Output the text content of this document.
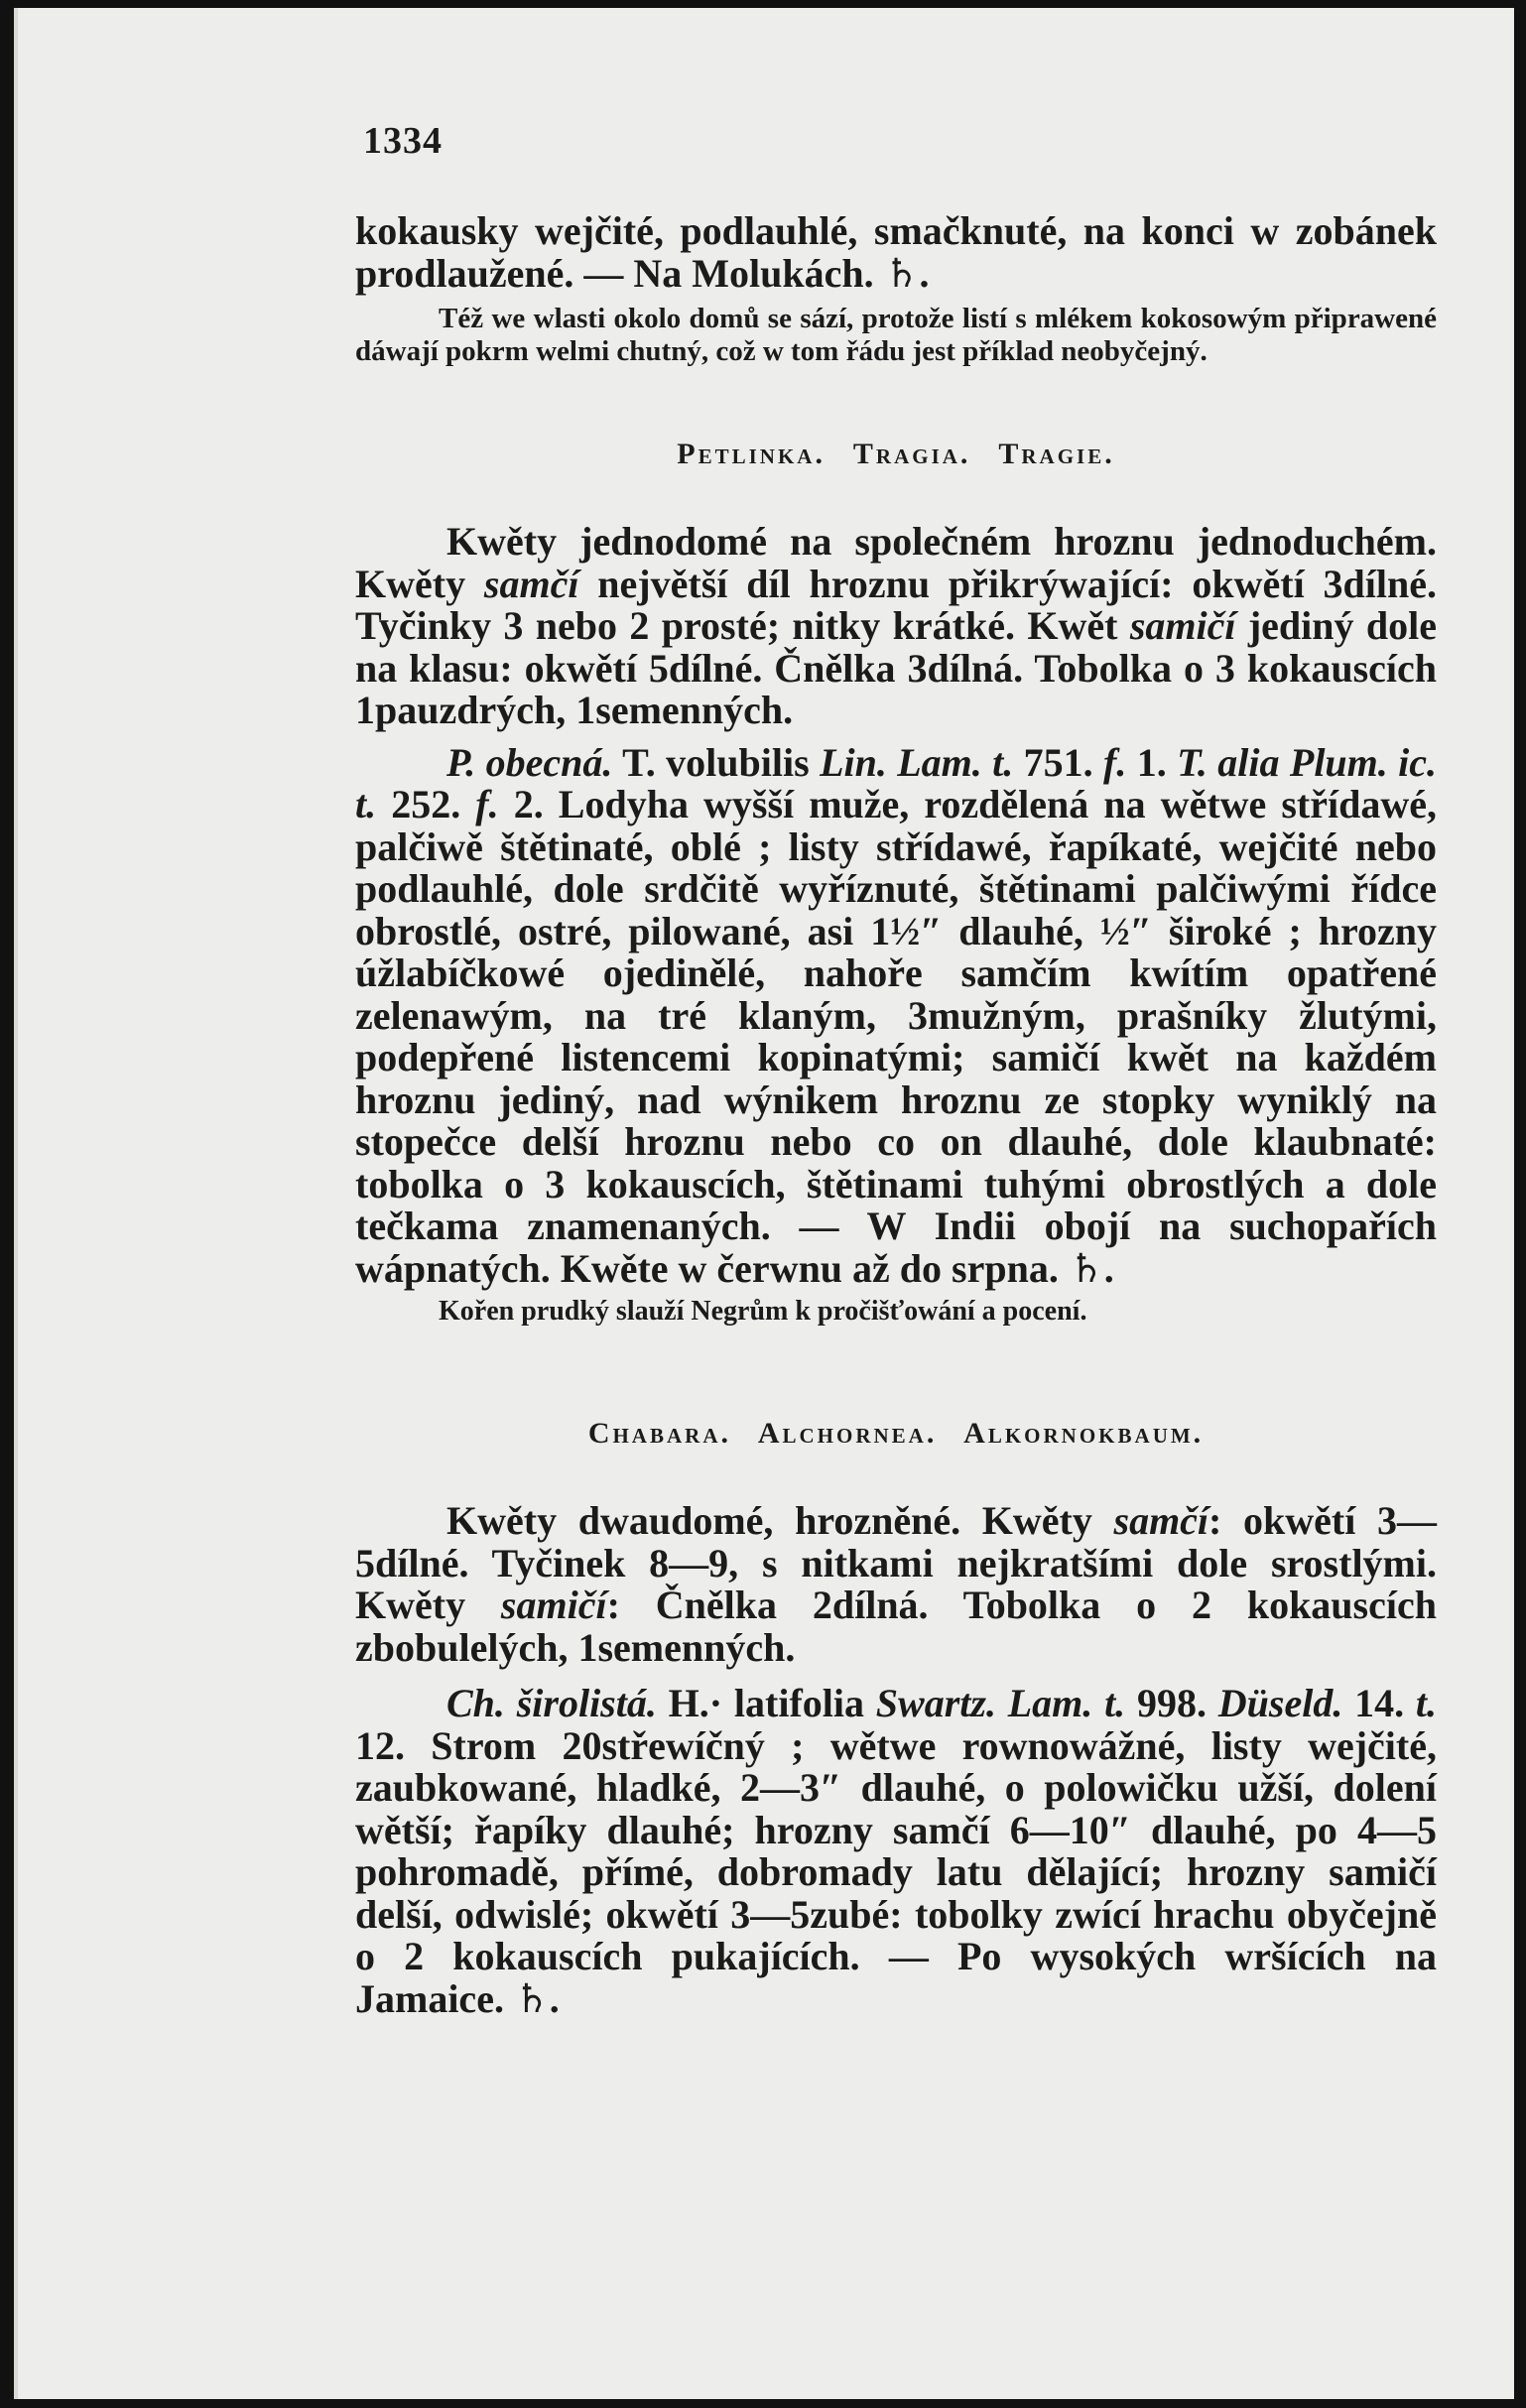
1334

kokausky wejčité, podlauhlé, smačknuté, na konci w zobánek prodlaužené. — Na Molukách. ♄.

Též we wlasti okolo domů se sází, protože listí s mlékem kokosowým připrawené dáwají pokrm welmi chutný, což w tom řádu jest příklad neobyčejný.

Petlinka. Tragia. Tragie.

Kwěty jednodomé na společném hroznu jednoduchém. Kwěty samčí největší díl hroznu přikrýwající: okwětí 3dílné. Tyčinky 3 nebo 2 prosté; nitky krátké. Kwět samičí jediný dole na klasu: okwětí 5dílné. Čnělka 3dílná. Tobolka o 3 kokauscích 1pauzdrých, 1semenných.

P. obecná. T. volubilis Lin. Lam. t. 751. f. 1. T. alia Plum. ic. t. 252. f. 2. Lodyha wyšší muže, rozdělená na wětwe střídawé, palčiwě štětinaté, oblé ; listy střídawé, řapíkaté, wejčité nebo podlauhlé, dole srdčitě wyříznuté, štětinami palčiwými řídce obrostlé, ostré, pilowané, asi 1½″ dlauhé, ½″ široké ; hrozny úžlabíčkowé ojedinělé, nahoře samčím kwítím opatřené zelenawým, na tré klaným, 3mužným, prašníky žlutými, podepřené listencemi kopinatými; samičí kwět na každém hroznu jediný, nad wýnikem hroznu ze stopky wyniklý na stopečce delší hroznu nebo co on dlauhé, dole klaubnaté: tobolka o 3 kokauscích, štětinami tuhými obrostlých a dole tečkama znamenaných. — W Indii obojí na suchopařích wápnatých. Kwěte w čerwnu až do srpna. ♄.

Kořen prudký slauží Negrům k pročišťowání a pocení.

Chabara. Alchornea. Alkornokbaum.

Kwěty dwaudomé, hrozněné. Kwěty samčí: okwětí 3—5dílné. Tyčinek 8—9, s nitkami nejkratšími dole srostlými. Kwěty samičí: Čnělka 2dílná. Tobolka o 2 kokauscích zbobulelých, 1semenných.

Ch. širolistá. H.· latifolia Swartz. Lam. t. 998. Düseld. 14. t. 12. Strom 20střewíčný ; wětwe rownowážné, listy wejčité, zaubkowané, hladké, 2—3″ dlauhé, o polowičku užší, dolení wětší; řapíky dlauhé; hrozny samčí 6—10″ dlauhé, po 4—5 pohromadě, přímé, dobromady latu dělající; hrozny samičí delší, odwislé; okwětí 3—5zubé: tobolky zwící hrachu obyčejně o 2 kokauscích pukajících. — Po wysokých wršících na Jamaice. ♄.
